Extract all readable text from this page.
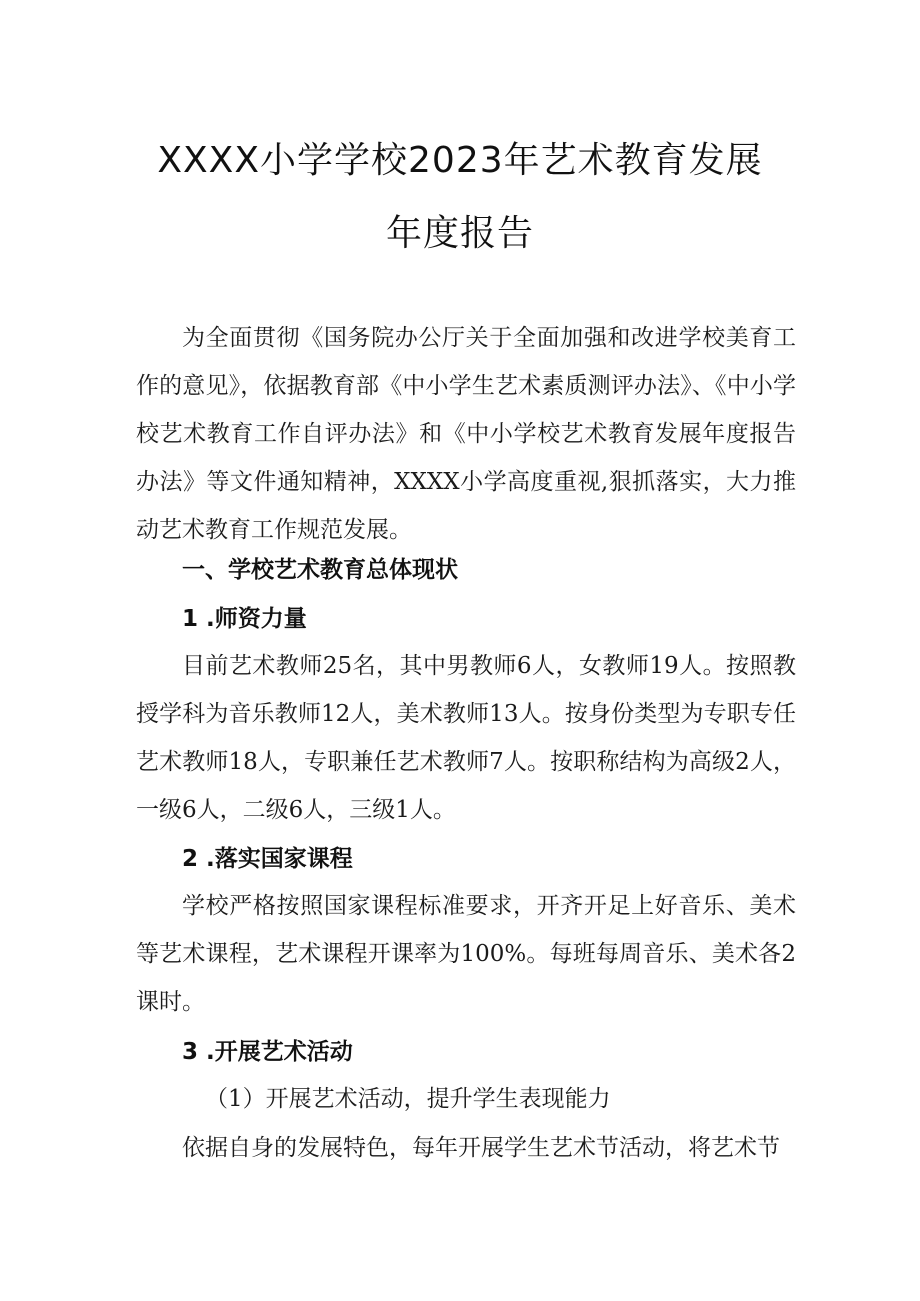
XXXX小学学校2023年艺术教育发展
年度报告

为全面贯彻《国务院办公厅关于全面加强和改进学校美育工作的意见》，依据教育部《中小学生艺术素质测评办法》、《中小学校艺术教育工作自评办法》和《中小学校艺术教育发展年度报告办法》等文件通知精神，XXXX小学高度重视,狠抓落实，大力推动艺术教育工作规范发展。

一、学校艺术教育总体现状
1 .师资力量

目前艺术教师25名，其中男教师6人，女教师19人。按照教授学科为音乐教师12人，美术教师13人。按身份类型为专职专任艺术教师18人，专职兼任艺术教师7人。按职称结构为高级2人，一级6人，二级6人，三级1人。

2 .落实国家课程

学校严格按照国家课程标准要求，开齐开足上好音乐、美术等艺术课程，艺术课程开课率为100%。每班每周音乐、美术各2课时。

3 .开展艺术活动

（1）开展艺术活动，提升学生表现能力

依据自身的发展特色，每年开展学生艺术节活动，将艺术节
